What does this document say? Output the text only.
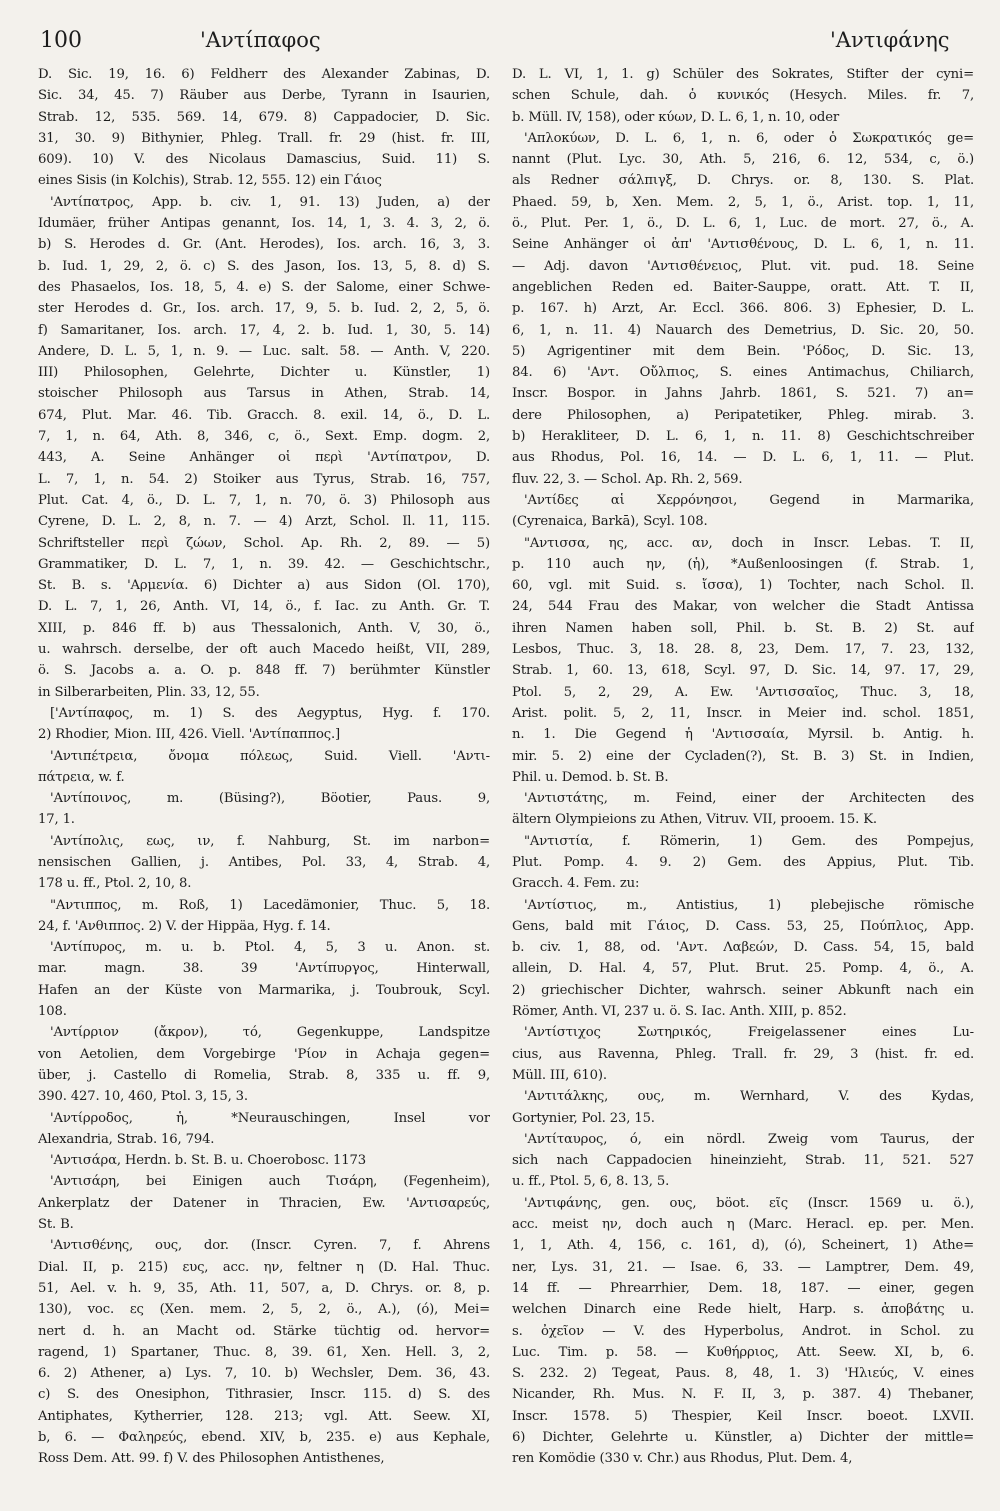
100	'Αντίπαφος	'Αντιφάνης
D. Sic. 19, 16. 6) Feldherr des Alexander Zabinas, D.
Sic. 34, 45. 7) Räuber aus Derbe, Tyrann in Isaurien,
Strab. 12, 535. 569. 14, 679. 8) Cappadocier, D. Sic.
31, 30. 9) Bithynier, Phleg. Trall. fr. 29 (hist. fr. III,
609). 10) V. des Nicolaus Damascius, Suid. 11) S.
eines Sisis (in Kolchis), Strab. 12, 555. 12) ein Γάιος
'Αντίπατρος, App. b. civ. 1, 91. 13) Juden, a) der
Idumäer, früher Antipas genannt, Ios. 14, 1, 3. 4. 3, 2, ö.
b) S. Herodes d. Gr. (Ant. Herodes), Ios. arch. 16, 3, 3.
b. Iud. 1, 29, 2, ö. c) S. des Jason, Ios. 13, 5, 8. d) S.
des Phasaelos, Ios. 18, 5, 4. e) S. der Salome, einer Schwe-
ster Herodes d. Gr., Ios. arch. 17, 9, 5. b. Iud. 2, 2, 5, ö.
f) Samaritaner, Ios. arch. 17, 4, 2. b. Iud. 1, 30, 5. 14)
Andere, D. L. 5, 1, n. 9. — Luc. salt. 58. — Anth. V, 220.
III) Philosophen, Gelehrte, Dichter u. Künstler, 1)
stoischer Philosoph aus Tarsus in Athen, Strab. 14,
674, Plut. Mar. 46. Tib. Gracch. 8. exil. 14, ö., D. L.
7, 1, n. 64, Ath. 8, 346, c, ö., Sext. Emp. dogm. 2,
443, A. Seine Anhänger οἱ περὶ 'Αντίπατρον, D.
L. 7, 1, n. 54. 2) Stoiker aus Tyrus, Strab. 16, 757,
Plut. Cat. 4, ö., D. L. 7, 1, n. 70, ö. 3) Philosoph aus
Cyrene, D. L. 2, 8, n. 7. — 4) Arzt, Schol. Il. 11, 115.
Schriftsteller περὶ ζώων, Schol. Ap. Rh. 2, 89. — 5)
Grammatiker, D. L. 7, 1, n. 39. 42. — Geschichtschr.,
St. B. s. 'Αρμενία. 6) Dichter a) aus Sidon (Ol. 170),
D. L. 7, 1, 26, Anth. VI, 14, ö., f. Iac. zu Anth. Gr. T.
XIII, p. 846 ff. b) aus Thessalonich, Anth. V, 30, ö.,
u. wahrsch. derselbe, der oft auch Macedo heißt, VII, 289,
ö. S. Jacobs a. a. O. p. 848 ff. 7) berühmter Künstler
in Silberarbeiten, Plin. 33, 12, 55.
['Αντίπαφος, m. 1) S. des Aegyptus, Hyg. f. 170.
2) Rhodier, Mion. III, 426. Viell. 'Αντίπαππος.]
'Αντιπέτρεια, ὄνομα πόλεως, Suid. Viell. 'Αντι-
πάτρεια, w. f.
'Αντίποινος, m. (Büsing?), Böotier, Paus. 9,
17, 1.
'Αντίπολις, εως, ιν, f. Nahburg, St. im narbon=
nensischen Gallien, j. Antibes, Pol. 33, 4, Strab. 4,
178 u. ff., Ptol. 2, 10, 8.
"Αντιππος, m. Roß, 1) Lacedämonier, Thuc. 5, 18.
24, f. 'Ανθιππος. 2) V. der Hippäa, Hyg. f. 14.
'Αντίπυρος, m. u. b. Ptol. 4, 5, 3 u. Anon. st.
mar. magn. 38. 39 'Αντίπυργος, Hinterwall,
Hafen an der Küste von Marmarika, j. Toubrouk, Scyl.
108.
'Αντίρριον (ἄκρον), τό, Gegenkuppe, Landspitze
von Aetolien, dem Vorgebirge 'Ρίον in Achaja gegen=
über, j. Castello di Romelia, Strab. 8, 335 u. ff. 9,
390. 427. 10, 460, Ptol. 3, 15, 3.
'Αντίρροδος, ἡ, *Neurauschingen, Insel vor
Alexandria, Strab. 16, 794.
'Αντισάρα, Herdn. b. St. B. u. Choerobosc. 1173
'Αντισάρη, bei Einigen auch Τισάρη, (Fegenheim),
Ankerplatz der Datener in Thracien, Ew. 'Αντισαρεύς,
St. B.
'Αντισθένης, ους, dor. (Inscr. Cyren. 7, f. Ahrens
Dial. II, p. 215) ευς, acc. ην, feltner η (D. Hal. Thuc.
51, Ael. v. h. 9, 35, Ath. 11, 507, a, D. Chrys. or. 8, p.
130), voc. ες (Xen. mem. 2, 5, 2, ö., A.), (ό), Mei=
nert d. h. an Macht od. Stärke tüchtig od. hervor=
ragend, 1) Spartaner, Thuc. 8, 39. 61, Xen. Hell. 3, 2,
6. 2) Athener, a) Lys. 7, 10. b) Wechsler, Dem. 36, 43.
c) S. des Onesiphon, Tithrasier, Inscr. 115. d) S. des
Antiphates, Kytherrier, 128. 213; vgl. Att. Seew. XI,
b, 6. — Φαληρεύς, ebend. XIV, b, 235. e) aus Kephale,
Ross Dem. Att. 99. f) V. des Philosophen Antisthenes,
D. L. VI, 1, 1. g) Schüler des Sokrates, Stifter der cyni=
schen Schule, dah. ὁ κυνικός (Hesych. Miles. fr. 7,
b. Müll. IV, 158), oder κύων, D. L. 6, 1, n. 10, oder
'Απλοκύων, D. L. 6, 1, n. 6, oder ὁ Σωκρατικός ge=
nannt (Plut. Lyc. 30, Ath. 5, 216, 6. 12, 534, c, ö.)
als Redner σάλπιγξ, D. Chrys. or. 8, 130. S. Plat.
Phaed. 59, b, Xen. Mem. 2, 5, 1, ö., Arist. top. 1, 11,
ö., Plut. Per. 1, ö., D. L. 6, 1, Luc. de mort. 27, ö., A.
Seine Anhänger οἱ ἀπ' 'Αντισθένους, D. L. 6, 1, n. 11.
— Adj. davon 'Αντισθένειος, Plut. vit. pud. 18. Seine
angeblichen Reden ed. Baiter-Sauppe, oratt. Att. T. II,
p. 167. h) Arzt, Ar. Eccl. 366. 806. 3) Ephesier, D. L.
6, 1, n. 11. 4) Nauarch des Demetrius, D. Sic. 20, 50.
5) Agrigentiner mit dem Bein. 'Ρόδος, D. Sic. 13,
84. 6) 'Αντ. Οὔλπιος, S. eines Antimachus, Chiliarch,
Inscr. Bospor. in Jahns Jahrb. 1861, S. 521. 7) an=
dere Philosophen, a) Peripatetiker, Phleg. mirab. 3.
b) Herakliteer, D. L. 6, 1, n. 11. 8) Geschichtschreiber
aus Rhodus, Pol. 16, 14. — D. L. 6, 1, 11. — Plut.
fluv. 22, 3. — Schol. Ap. Rh. 2, 569.
'Αντίδες αἱ Χερρόνησοι, Gegend in Marmarika,
(Cyrenaica, Barkā), Scyl. 108.
"Αντισσα, ης, acc. αν, doch in Inscr. Lebas. T. II,
p. 110 auch ην, (ἡ), *Außenloosingen (f. Strab. 1,
60, vgl. mit Suid. s. ἴσσα), 1) Tochter, nach Schol. Il.
24, 544 Frau des Makar, von welcher die Stadt Antissa
ihren Namen haben soll, Phil. b. St. B. 2) St. auf
Lesbos, Thuc. 3, 18. 28. 8, 23, Dem. 17, 7. 23, 132,
Strab. 1, 60. 13, 618, Scyl. 97, D. Sic. 14, 97. 17, 29,
Ptol. 5, 2, 29, A. Ew. 'Αντισσαῖος, Thuc. 3, 18,
Arist. polit. 5, 2, 11, Inscr. in Meier ind. schol. 1851,
n. 1. Die Gegend ἡ 'Αντισσαία, Myrsil. b. Antig. h.
mir. 5. 2) eine der Cycladen(?), St. B. 3) St. in Indien,
Phil. u. Demod. b. St. B.
'Αντιστάτης, m. Feind, einer der Architecten des
ältern Olympieions zu Athen, Vitruv. VII, prooem. 15. K.
"Αντιστία, f. Römerin, 1) Gem. des Pompejus,
Plut. Pomp. 4. 9. 2) Gem. des Appius, Plut. Tib.
Gracch. 4. Fem. zu:
'Αντίστιος, m., Antistius, 1) plebejische römische
Gens, bald mit Γάιος, D. Cass. 53, 25, Πούπλιος, App.
b. civ. 1, 88, od. 'Αντ. Λαβεών, D. Cass. 54, 15, bald
allein, D. Hal. 4, 57, Plut. Brut. 25. Pomp. 4, ö., A.
2) griechischer Dichter, wahrsch. seiner Abkunft nach ein
Römer, Anth. VI, 237 u. ö. S. Iac. Anth. XIII, p. 852.
'Αντίστιχος Σωτηρικός, Freigelassener eines Lu-
cius, aus Ravenna, Phleg. Trall. fr. 29, 3 (hist. fr. ed.
Müll. III, 610).
'Αντιτάλκης, ους, m. Wernhard, V. des Kydas,
Gortynier, Pol. 23, 15.
'Αντίταυρος, ό, ein nördl. Zweig vom Taurus, der
sich nach Cappadocien hineinzieht, Strab. 11, 521. 527
u. ff., Ptol. 5, 6, 8. 13, 5.
'Αντιφάνης, gen. ους, böot. εῖς (Inscr. 1569 u. ö.),
acc. meist ην, doch auch η (Marc. Heracl. ep. per. Men.
1, 1, Ath. 4, 156, c. 161, d), (ό), Scheinert, 1) Athe=
ner, Lys. 31, 21. — Isae. 6, 33. — Lamptrer, Dem. 49,
14 ff. — Phrearrhier, Dem. 18, 187. — einer, gegen
welchen Dinarch eine Rede hielt, Harp. s. ἀποβάτης u.
s. ὀχεῖον — V. des Hyperbolus, Androt. in Schol. zu
Luc. Tim. p. 58. — Κυθήρριος, Att. Seew. XI, b, 6.
S. 232. 2) Tegeat, Paus. 8, 48, 1. 3) 'Ηλιεύς, V. eines
Nicander, Rh. Mus. N. F. II, 3, p. 387. 4) Thebaner,
Inscr. 1578. 5) Thespier, Keil Inscr. boeot. LXVII.
6) Dichter, Gelehrte u. Künstler, a) Dichter der mittle=
ren Komödie (330 v. Chr.) aus Rhodus, Plut. Dem. 4,
